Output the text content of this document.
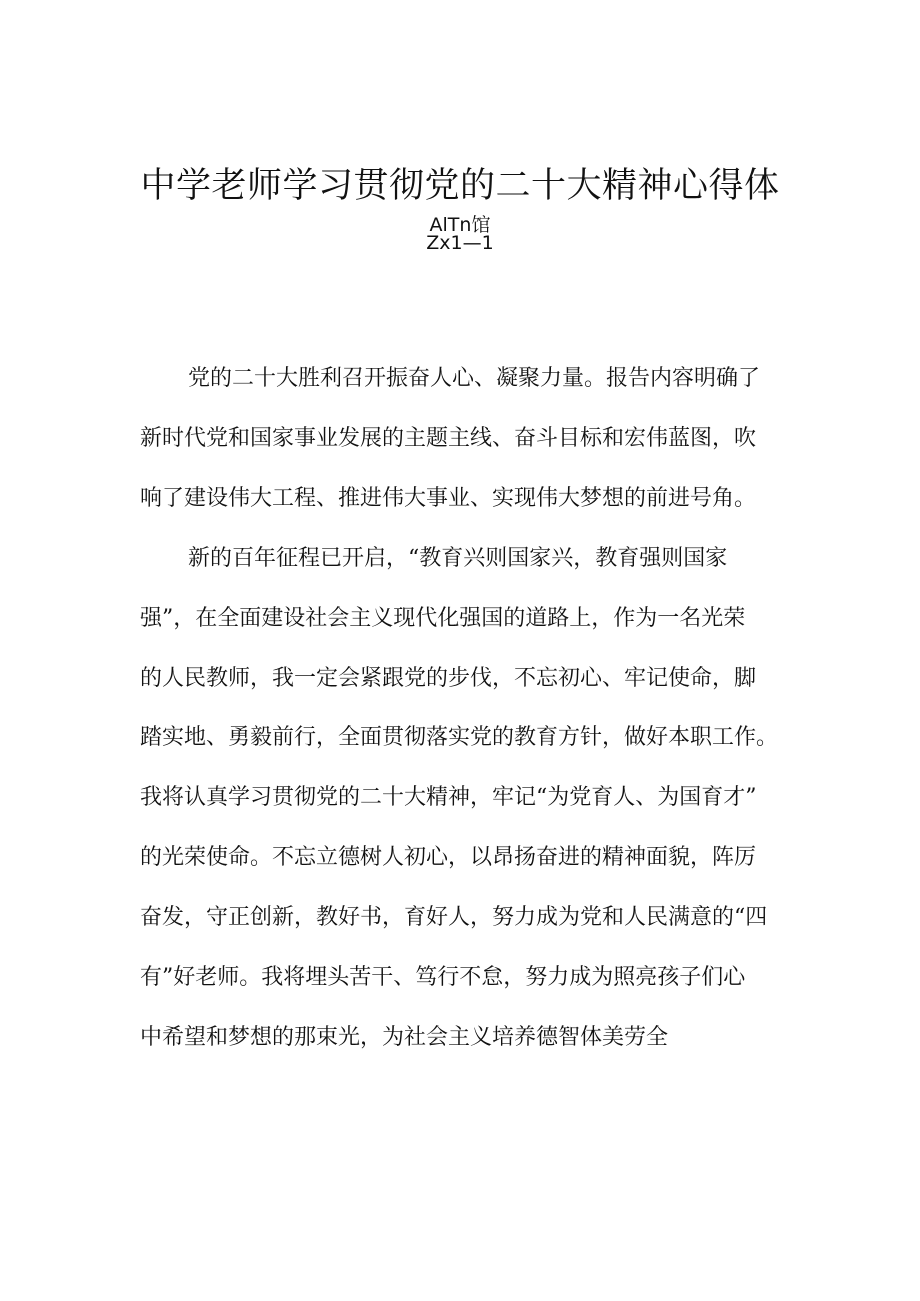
中学老师学习贯彻党的二十大精神心得体
AlTn馆
Zx1—1
党的二十大胜利召开振奋人心、凝聚力量。报告内容明确了
新时代党和国家事业发展的主题主线、奋斗目标和宏伟蓝图，吹
响了建设伟大工程、推进伟大事业、实现伟大梦想的前进号角。
新的百年征程已开启，“教育兴则国家兴，教育强则国家
强”，在全面建设社会主义现代化强国的道路上，作为一名光荣
的人民教师，我一定会紧跟党的步伐，不忘初心、牢记使命，脚
踏实地、勇毅前行，全面贯彻落实党的教育方针，做好本职工作。
我将认真学习贯彻党的二十大精神，牢记“为党育人、为国育才”
的光荣使命。不忘立德树人初心，以昂扬奋进的精神面貌，阵厉
奋发，守正创新，教好书，育好人，努力成为党和人民满意的“四
有”好老师。我将埋头苦干、笃行不怠，努力成为照亮孩子们心
中希望和梦想的那束光，为社会主义培养德智体美劳全
